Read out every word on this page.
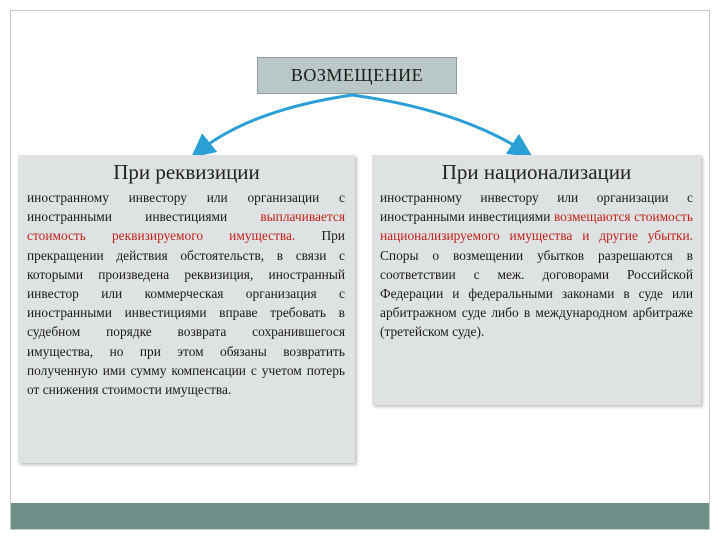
ВОЗМЕЩЕНИЕ
При реквизиции
иностранному инвестору или организации с иностранными инвестициями выплачивается стоимость реквизируемого имущества. При прекращении действия обстоятельств, в связи с которыми произведена реквизиция, иностранный инвестор или коммерческая организация с иностранными инвестициями вправе требовать в судебном порядке возврата сохранившегося имущества, но при этом обязаны возвратить полученную ими сумму компенсации с учетом потерь от снижения стоимости имущества.
При национализации
иностранному инвестору или организации с иностранными инвестициями возмещаются стоимость национализируемого имущества и другие убытки. Споры о возмещении убытков разрешаются в соответствии с меж. договорами Российской Федерации и федеральными законами в суде или арбитражном суде либо в международном арбитраже (третейском суде).
